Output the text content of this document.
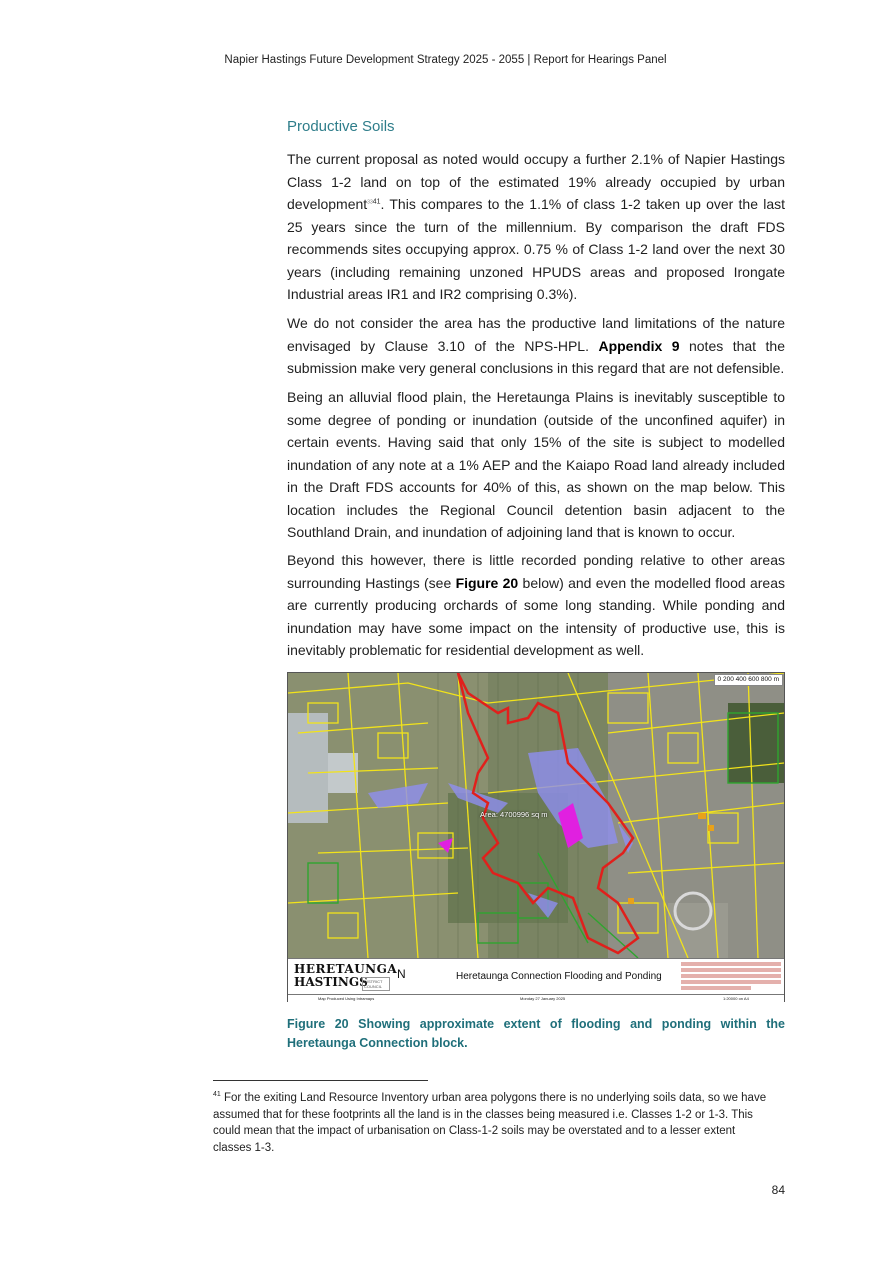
Napier Hastings Future Development Strategy 2025 - 2055 | Report for Hearings Panel
Productive Soils

The current proposal as noted would occupy a further 2.1% of Napier Hastings Class 1-2 land on top of the estimated 19% already occupied by urban development$^{3341}$. This compares to the 1.1% of class 1-2 taken up over the last 25 years since the turn of the millennium. By comparison the draft FDS recommends sites occupying approx. 0.75 % of Class 1-2 land over the next 30 years (including remaining unzoned HPUDS areas and proposed Irongate Industrial areas IR1 and IR2 comprising 0.3%).

We do not consider the area has the productive land limitations of the nature envisaged by Clause 3.10 of the NPS-HPL. Appendix 9 notes that the submission make very general conclusions in this regard that are not defensible.

Being an alluvial flood plain, the Heretaunga Plains is inevitably susceptible to some degree of ponding or inundation (outside of the unconfined aquifer) in certain events. Having said that only 15% of the site is subject to modelled inundation of any note at a 1% AEP and the Kaiapo Road land already included in the Draft FDS accounts for 40% of this, as shown on the map below. This location includes the Regional Council detention basin adjacent to the Southland Drain, and inundation of adjoining land that is known to occur.

Beyond this however, there is little recorded ponding relative to other areas surrounding Hastings (see Figure 20 below) and even the modelled flood areas are currently producing orchards of some long standing. While ponding and inundation may have some impact on the intensity of productive use, this is inevitably problematic for residential development as well.

0 200 400 600 800 m
Area: 4700996 sq m
HERETAUNGA
HASTINGS
DISTRICT COUNCIL
N	Heretaunga Connection Flooding and Ponding
Map Produced Using Intramaps	Monday 27 January 2025	1:20000 on A4
Figure 20 Showing approximate extent of flooding and ponding within the Heretaunga Connection block.
$^{41}$ For the exiting Land Resource Inventory urban area polygons there is no underlying soils data, so we have assumed that for these footprints all the land is in the classes being measured i.e. Classes 1-2 or 1-3. This could mean that the impact of urbanisation on Class-1-2 soils may be overstated and to a lesser extent classes 1-3.
84
